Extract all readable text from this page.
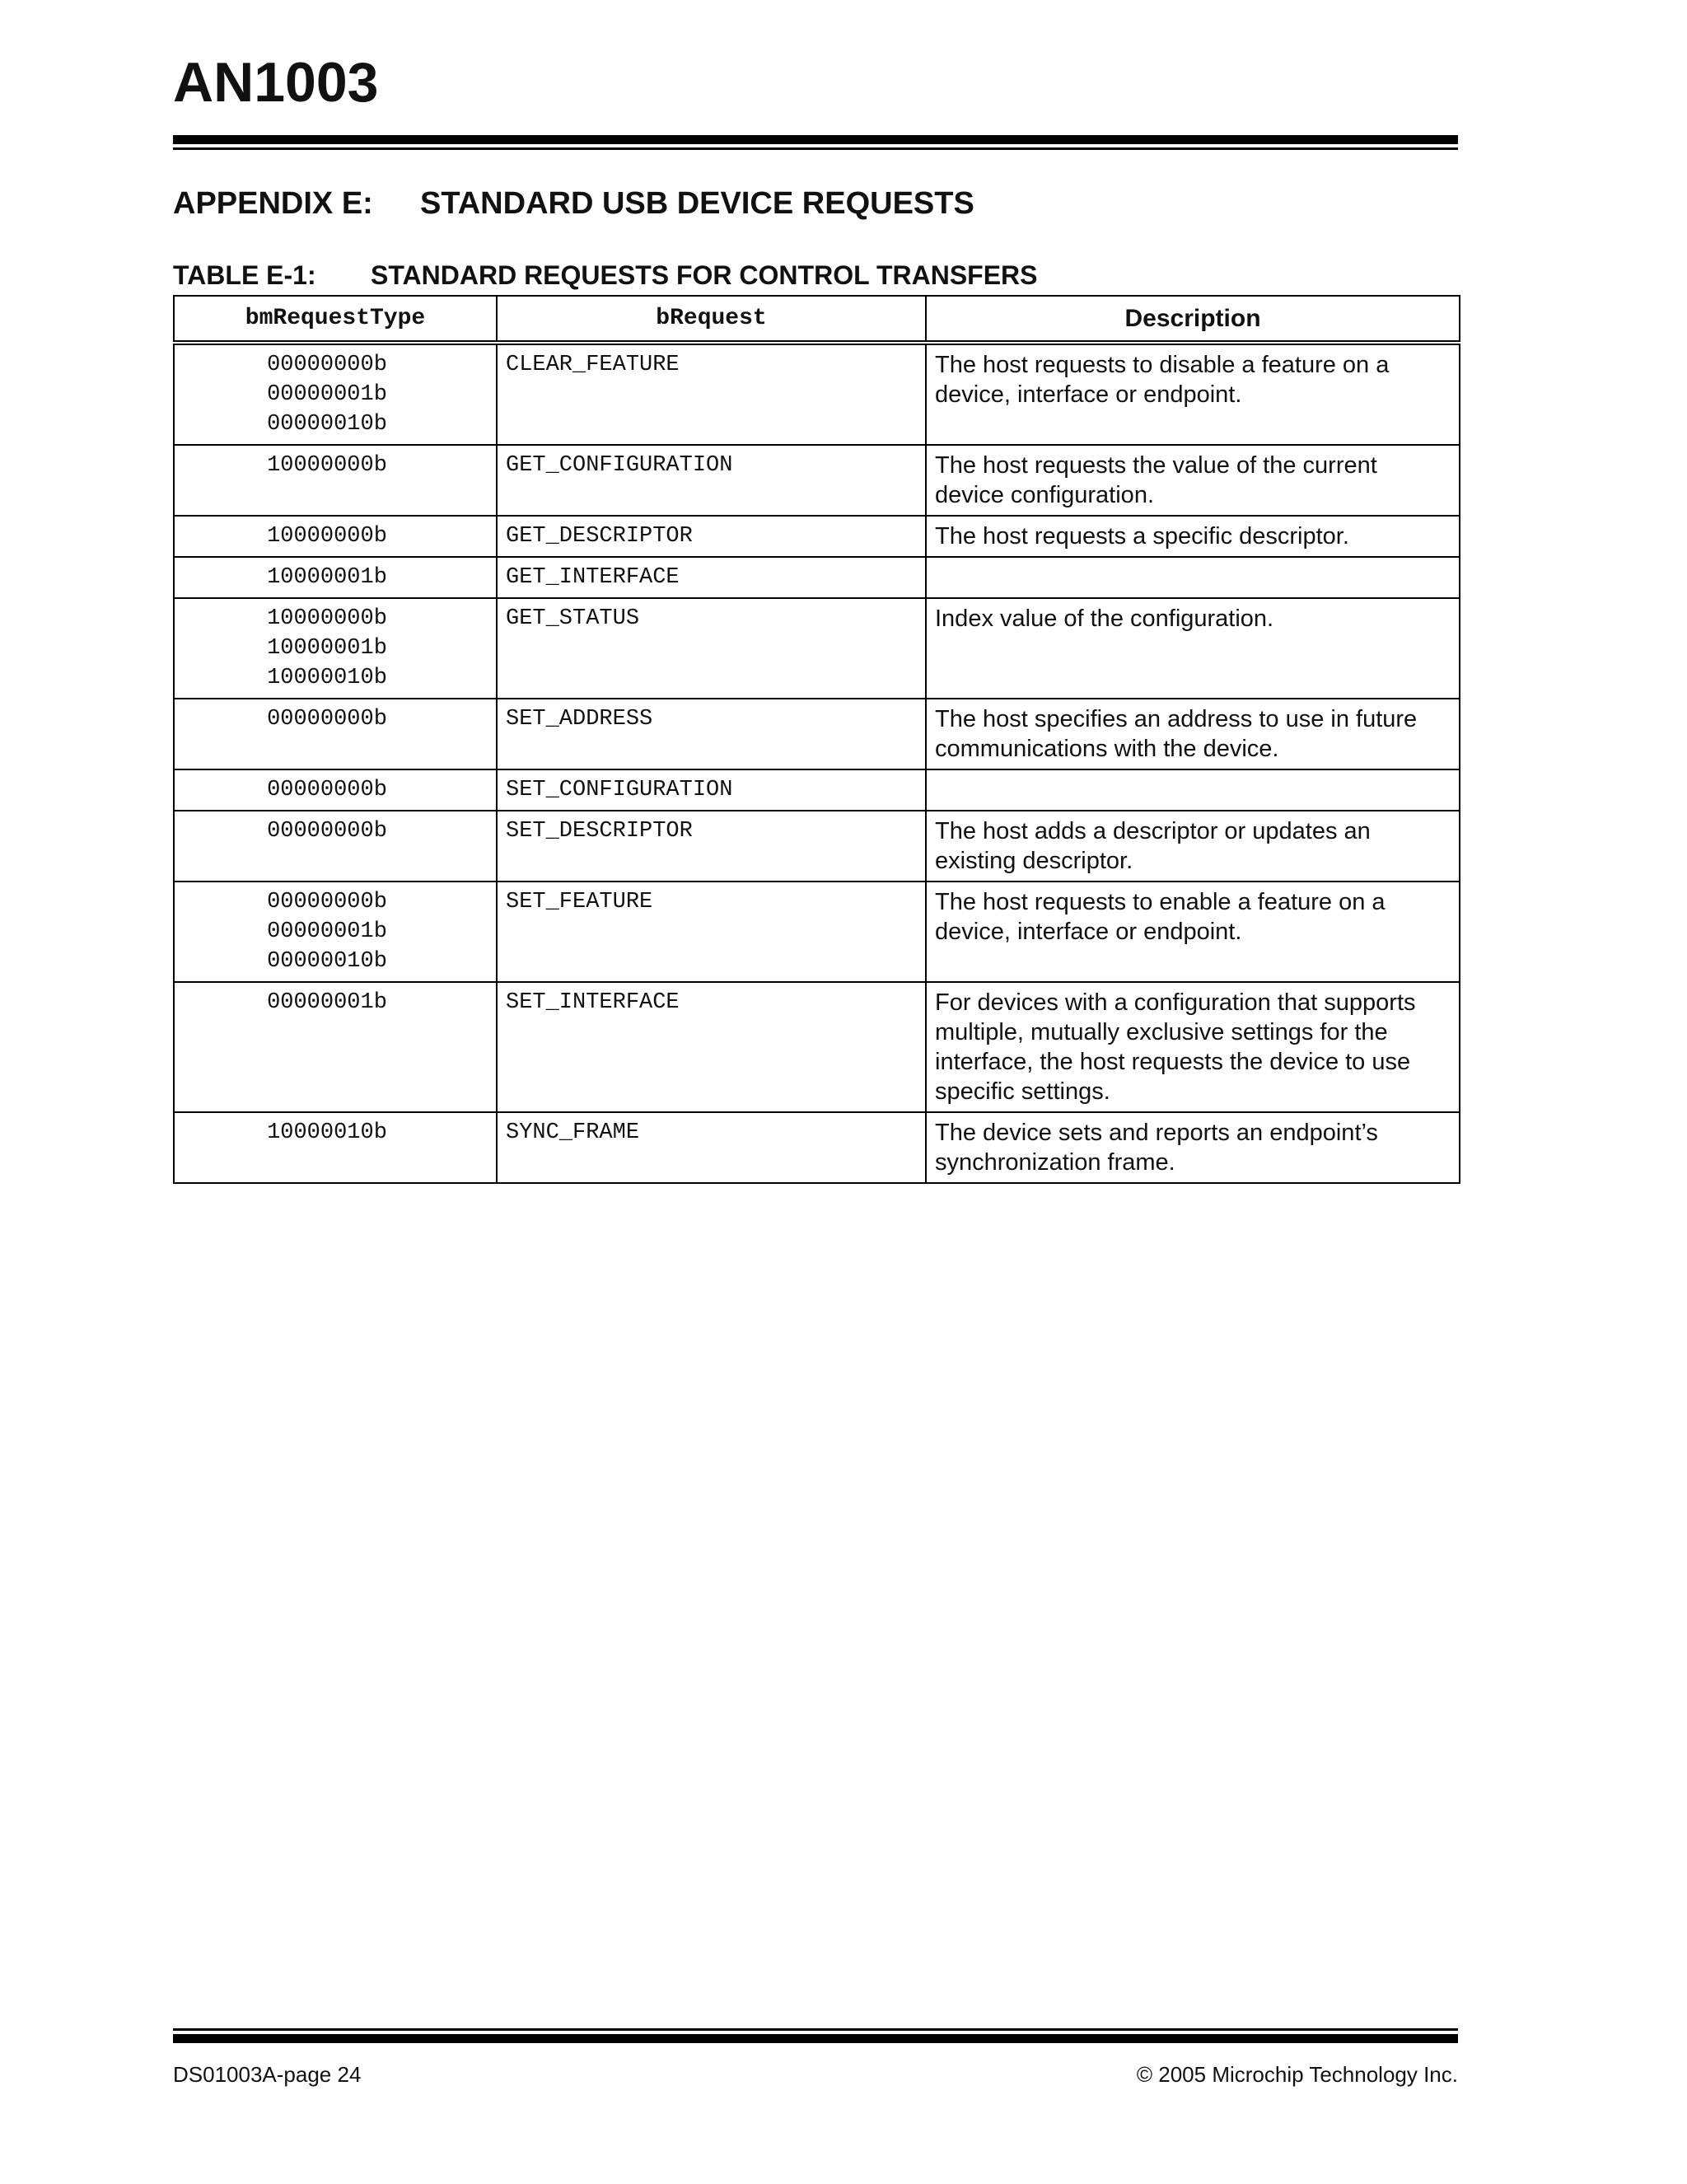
AN1003
APPENDIX E: STANDARD USB DEVICE REQUESTS
TABLE E-1: STANDARD REQUESTS FOR CONTROL TRANSFERS
bmRequestType	bRequest	Description

00000000b
00000001b
00000010b	CLEAR_FEATURE	The host requests to disable a feature on a device, interface or endpoint.

10000000b	GET_CONFIGURATION	The host requests the value of the current device configuration.

10000000b	GET_DESCRIPTOR	The host requests a specific descriptor.

10000001b	GET_INTERFACE	

10000000b
10000001b
10000010b	GET_STATUS	Index value of the configuration.

00000000b	SET_ADDRESS	The host specifies an address to use in future communications with the device.

00000000b	SET_CONFIGURATION	

00000000b	SET_DESCRIPTOR	The host adds a descriptor or updates an existing descriptor.

00000000b
00000001b
00000010b	SET_FEATURE	The host requests to enable a feature on a device, interface or endpoint.

00000001b	SET_INTERFACE	For devices with a configuration that supports multiple, mutually exclusive settings for the interface, the host requests the device to use specific settings.

10000010b	SYNC_FRAME	The device sets and reports an endpoint’s synchronization frame.
DS01003A-page 24	© 2005 Microchip Technology Inc.
